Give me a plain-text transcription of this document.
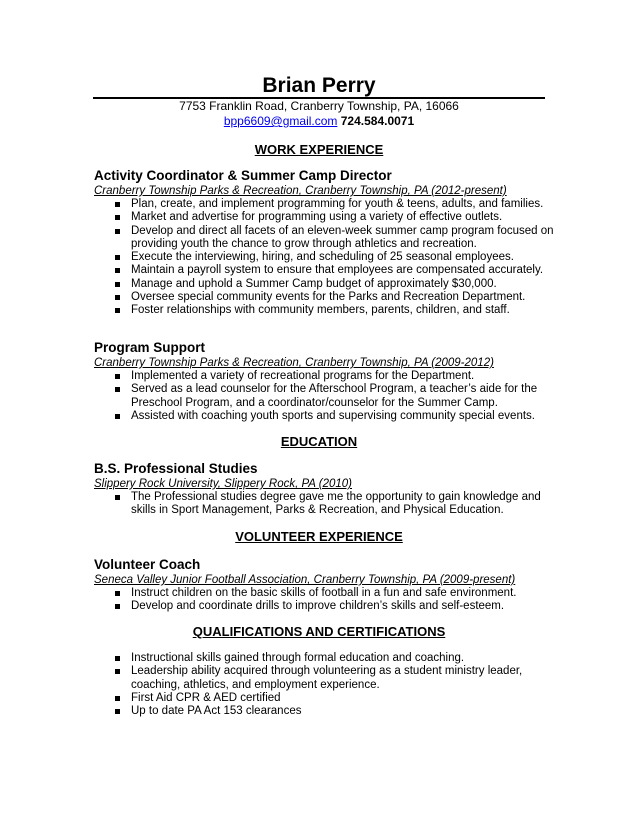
Brian Perry
7753 Franklin Road, Cranberry Township, PA, 16066
bpp6609@gmail.com 724.584.0071
WORK EXPERIENCE
Activity Coordinator & Summer Camp Director
Cranberry Township Parks & Recreation, Cranberry Township, PA (2012-present)
Plan, create, and implement programming for youth & teens, adults, and families.
Market and advertise for programming using a variety of effective outlets.
Develop and direct all facets of an eleven-week summer camp program focused on providing youth the chance to grow through athletics and recreation.
Execute the interviewing, hiring, and scheduling of 25 seasonal employees.
Maintain a payroll system to ensure that employees are compensated accurately.
Manage and uphold a Summer Camp budget of approximately $30,000.
Oversee special community events for the Parks and Recreation Department.
Foster relationships with community members, parents, children, and staff.
Program Support
Cranberry Township Parks & Recreation, Cranberry Township, PA (2009-2012)
Implemented a variety of recreational programs for the Department.
Served as a lead counselor for the Afterschool Program, a teacher’s aide for the Preschool Program, and a coordinator/counselor for the Summer Camp.
Assisted with coaching youth sports and supervising community special events.
EDUCATION
B.S. Professional Studies
Slippery Rock University, Slippery Rock, PA (2010)
The Professional studies degree gave me the opportunity to gain knowledge and skills in Sport Management, Parks & Recreation, and Physical Education.
VOLUNTEER EXPERIENCE
Volunteer Coach
Seneca Valley Junior Football Association, Cranberry Township, PA (2009-present)
Instruct children on the basic skills of football in a fun and safe environment.
Develop and coordinate drills to improve children’s skills and self-esteem.
QUALIFICATIONS AND CERTIFICATIONS
Instructional skills gained through formal education and coaching.
Leadership ability acquired through volunteering as a student ministry leader, coaching, athletics, and employment experience.
First Aid CPR & AED certified
Up to date PA Act 153 clearances
